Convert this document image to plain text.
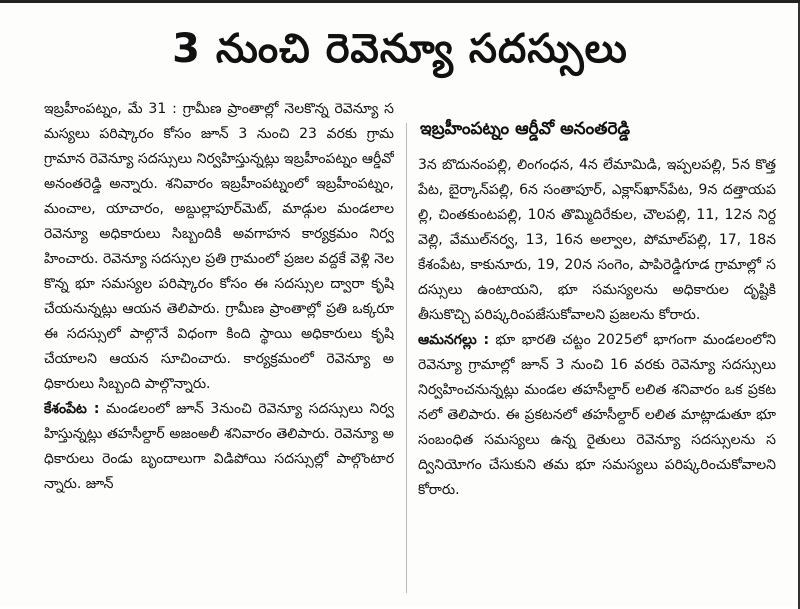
3 నుంచి రెవెన్యూ సదస్సులు
ఇబ్రహీంపట్నం ఆర్డీవో అనంతరెడ్డి

ఇబ్రహీంపట్నం, మే 31 : గ్రామీణ ప్రాంతాల్లో నెలకొన్న రెవెన్యూ సమస్యలు పరిష్కారం కోసం జూన్ 3 నుంచి 23 వరకు గ్రామ గ్రామాన రెవెన్యూ సదస్సులు నిర్వహిస్తున్నట్లు ఇబ్రహీంపట్నం ఆర్డీవో అనంతరెడ్డి అన్నారు. శనివారం ఇబ్రహీంపట్నంలో ఇబ్రహీంపట్నం, మంచాల, యాచారం, అబ్దుల్లాపూర్‌మెట్, మాడ్గుల మండలాల రెవెన్యూ అధికారులు సిబ్బందికి అవగాహన కార్యక్రమం నిర్వహించారు. రెవెన్యూ సదస్సుల ప్రతి గ్రామంలో ప్రజల వద్దకే వెళ్లి నెలకొన్న భూ సమస్యల పరిష్కారం కోసం ఈ సదస్సుల ద్వారా కృషి చేయనున్నట్లు ఆయన తెలిపారు. గ్రామీణ ప్రాంతాల్లో ప్రతి ఒక్కరూ ఈ సదస్సులో పాల్గొనే విధంగా కింది స్థాయి అధికారులు కృషి చేయాలని ఆయన సూచించారు. కార్యక్రమంలో రెవెన్యూ అధికారులు సిబ్బంది పాల్గొన్నారు.

కేశంపేట : మండలంలో జూన్ 3నుంచి రెవెన్యూ సదస్సులు నిర్వహిస్తున్నట్లు తహసీల్దార్ అజంఅలీ శనివారం తెలిపారు. రెవెన్యూ అధికారులు రెండు బృందాలుగా విడిపోయి సదస్సుల్లో పాల్గొంటారన్నారు. జూన్

3న బొదునంపల్లి, లింగంధన, 4న లేమామిడి, ఇప్పలపల్లి, 5న కొత్తపేట, బైర్కాన్‌పల్లి, 6న సంతాపూర్, ఎక్లాస్‌ఖాన్‌పేట, 9న దత్తాయపల్లి, చింతకుంటపల్లి, 10న తొమ్మిదిరేకుల, చౌలపల్లి, 11, 12న నిర్దవెల్లి, వేముల్‌నర్వ, 13, 16న అల్వాల, పోమాల్‌పల్లి, 17, 18న కేశంపేట, కాకునూరు, 19, 20న సంగెం, పాపిరెడ్డిగూడ గ్రామాల్లో సదస్సులు ఉంటాయని, భూ సమస్యలను అధికారుల దృష్టికి తీసుకొచ్చి పరిష్కరింపజేసుకోవాలని ప్రజలను కోరారు.

ఆమనగల్లు : భూ భారతి చట్టం 2025లో భాగంగా మండలంలోని రెవెన్యూ గ్రామాల్లో జూన్ 3 నుంచి 16 వరకు రెవెన్యూ సదస్సులు నిర్వహించనున్నట్లు మండల తహసీల్దార్ లలిత శనివారం ఒక ప్రకటనలో తెలిపారు. ఈ ప్రకటనలో తహసీల్దార్ లలిత మాట్లాడుతూ భూ సంబంధిత సమస్యలు ఉన్న రైతులు రెవెన్యూ సదస్సులను సద్వినియోగం చేసుకుని తమ భూ సమస్యలు పరిష్కరించుకోవాలని కోరారు.
